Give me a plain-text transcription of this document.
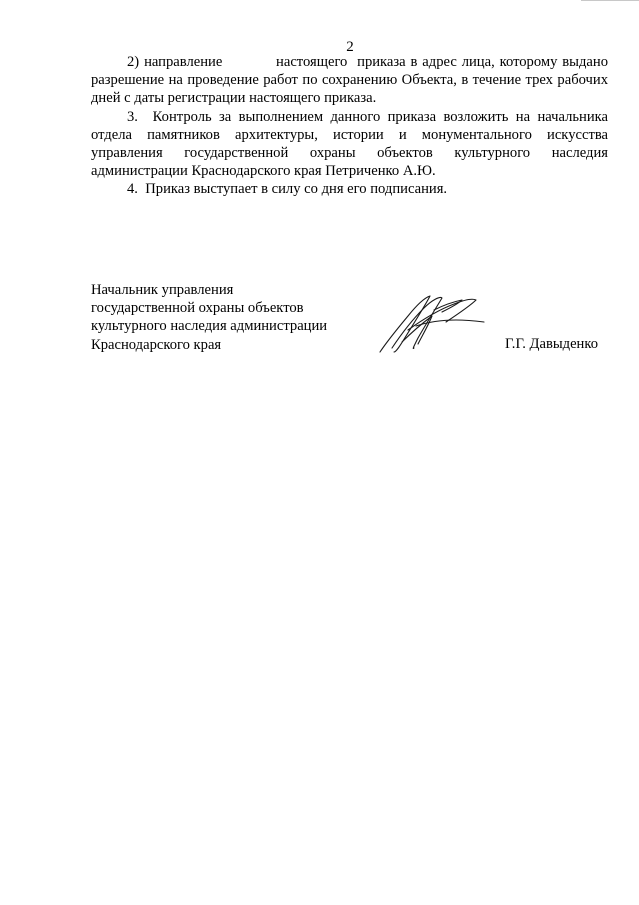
2

2) направление           настоящего  приказа в адрес лица, которому выдано разрешение на проведение работ по сохранению Объекта, в течение трех рабочих дней с даты регистрации настоящего приказа.

3. Контроль за выполнением данного приказа возложить на начальника отдела памятников архитектуры, истории и монументального искусства управления государственной охраны объектов культурного наследия администрации Краснодарского края Петриченко А.Ю.

4. Приказ выступает в силу со дня его подписания.

Начальник управления
государственной охраны объектов
культурного наследия администрации
Краснодарского края	Г.Г. Давыденко
